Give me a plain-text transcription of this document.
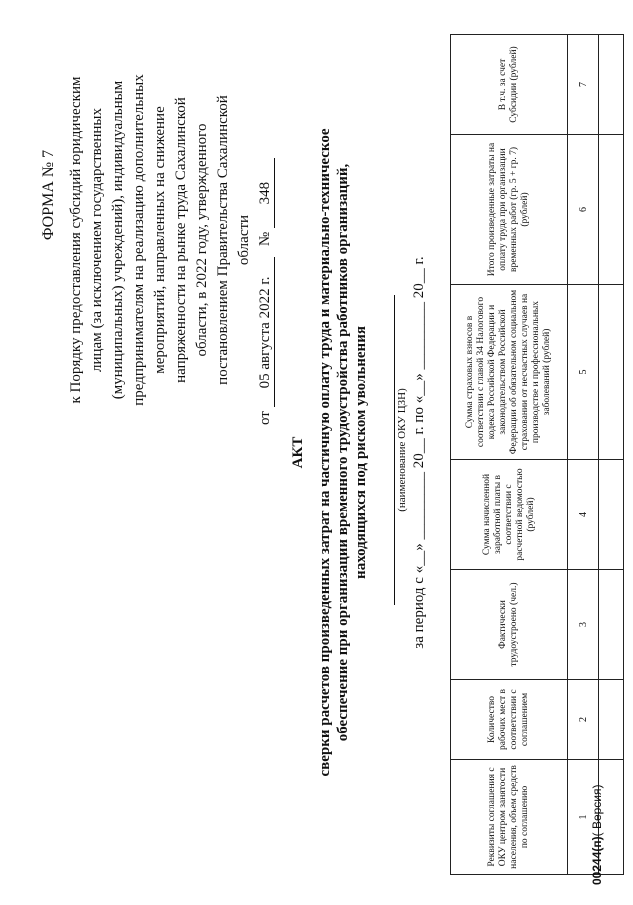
ФОРМА № 7 к Порядку предоставления субсидий юридическим лицам (за исключением государственных (муниципальных) учреждений), индивидуальным предпринимателям на реализацию дополнительных мероприятий, направленных на снижение напряженности на рынке труда Сахалинской области, в 2022 году, утвержденного постановлением Правительства Сахалинской области
от 05 августа 2022 г.   № 348
АКТ сверки расчетов произведенных затрат на частичную оплату труда и материально-техническое обеспечение при организации временного трудоустройства работников организаций, находящихся под риском увольнения (наименование ОКУ ЦЗН) за период с «__» _________ 20__ г. по «__» _________ 20__ г.
Реквизиты соглашения с ОКУ центром занятости населения, объем средств по соглашению	Количество рабочих мест в соответствии с соглашением	Фактически трудоустроено (чел.)	Сумма начисленной заработной платы в соответствии с расчетной ведомостью (рублей)	Сумма страховых взносов в соответствии с главой 34 Налогового кодекса Российской Федерации и законодательством Российской Федерации об обязательном социальном страховании от несчастных случаев на производстве и профессиональных заболеваний (рублей)	Итого произведенные затраты на оплату труда при организации временных работ (гр. 5 + гр. 7) (рублей)	В т.ч. за счет Субсидии (рублей)
1	2	3	4	5	6	7

00244(п)( Версия)
